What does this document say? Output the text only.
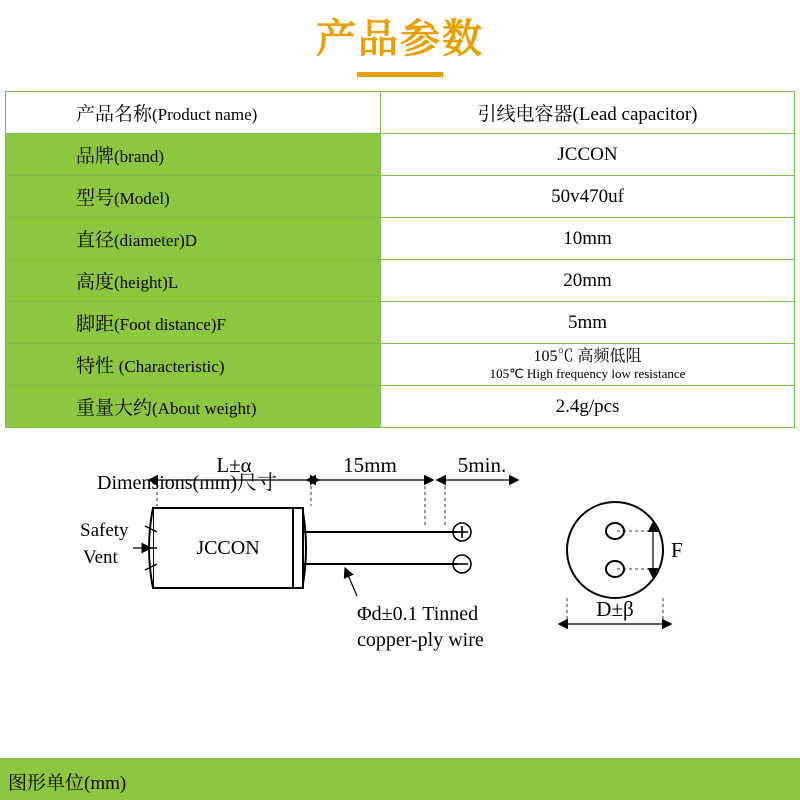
产品参数
产品名称(Product name)	引线电容器(Lead capacitor)

品牌(brand)	JCCON

型号(Model)	50v470uf

直径(diameter)D	10mm

高度(height)L	20mm

脚距(Foot distance)F	5mm

特性 (Characteristic)	105℃ 高频低阻
105℃ High frequency low resistance

重量大约(About weight)	2.4g/pcs
Dimensions(mm)尺寸
JCCON
Safety
Vent
L±α	15mm	5min.
Φd±0.1 Tinned
copper-ply wire
F
D±β
图形单位(mm)
